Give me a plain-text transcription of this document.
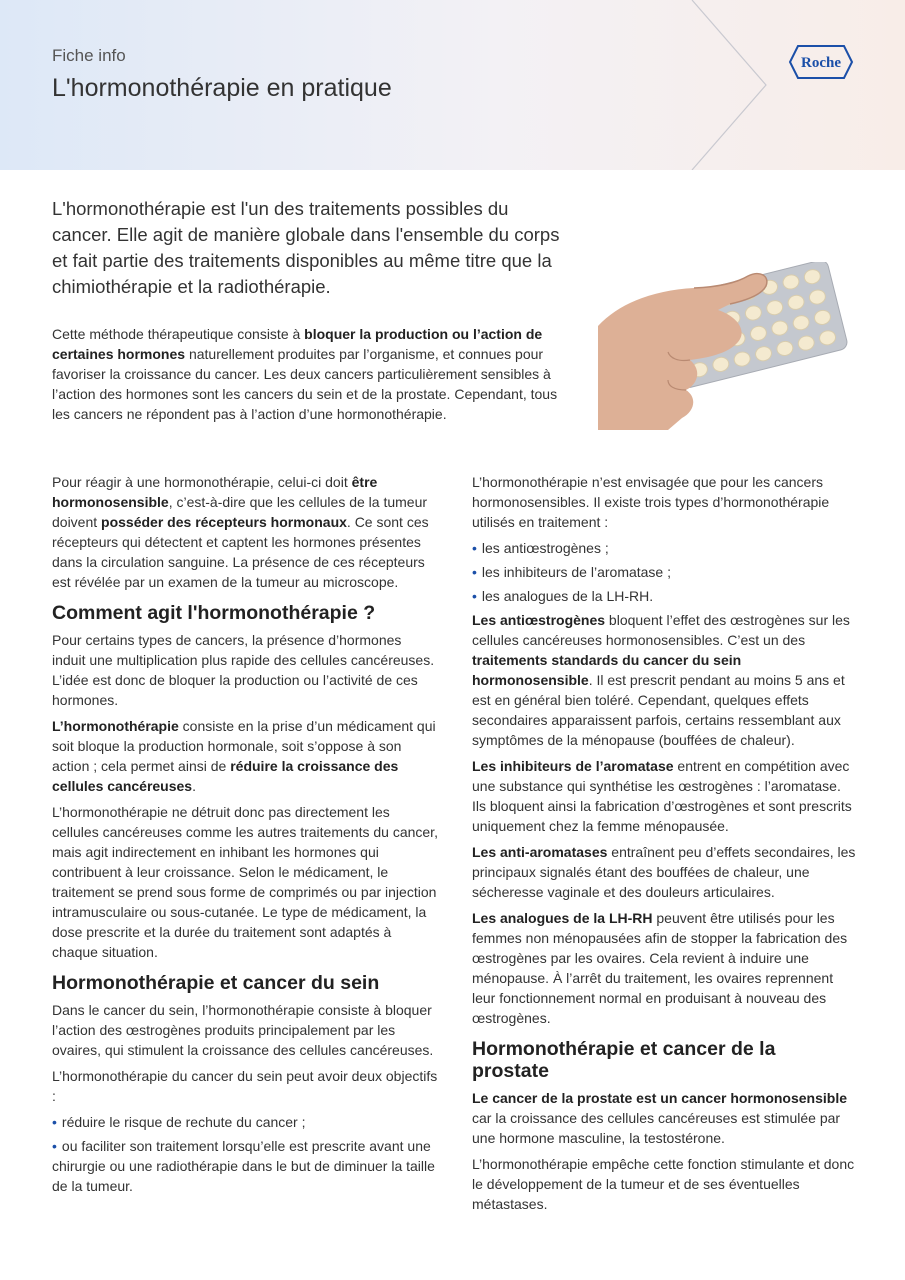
Fiche info
L'hormonothérapie en pratique
Roche

L'hormonothérapie est l'un des traitements possibles du cancer. Elle agit de manière globale dans l'ensemble du corps et fait partie des traitements disponibles au même titre que la chimiothérapie et la radiothérapie.

Cette méthode thérapeutique consiste à bloquer la production ou l’action de certaines hormones naturellement produites par l’organisme, et connues pour favoriser la croissance du cancer. Les deux cancers particulièrement sensibles à l’action des hormones sont les cancers du sein et de la prostate. Cependant, tous les cancers ne répondent pas à l’action d’une hormonothérapie.

Pour réagir à une hormonothérapie, celui-ci doit être hormonosensible, c’est-à-dire que les cellules de la tumeur doivent posséder des récepteurs hormonaux. Ce sont ces récepteurs qui détectent et captent les hormones présentes dans la circulation sanguine. La présence de ces récepteurs est révélée par un examen de la tumeur au microscope.

Comment agit l'hormonothérapie ?

Pour certains types de cancers, la présence d’hormones induit une multiplication plus rapide des cellules cancéreuses. L’idée est donc de bloquer la production ou l’activité de ces hormones.

L’hormonothérapie consiste en la prise d’un médicament qui soit bloque la production hormonale, soit s’oppose à son action ; cela permet ainsi de réduire la croissance des cellules cancéreuses.

L’hormonothérapie ne détruit donc pas directement les cellules cancéreuses comme les autres traitements du cancer, mais agit indirectement en inhibant les hormones qui contribuent à leur croissance. Selon le médicament, le traitement se prend sous forme de comprimés ou par injection intramusculaire ou sous-cutanée. Le type de médicament, la dose prescrite et la durée du traitement sont adaptés à chaque situation.

Hormonothérapie et cancer du sein

Dans le cancer du sein, l’hormonothérapie consiste à bloquer l’action des œstrogènes produits principalement par les ovaires, qui stimulent la croissance des cellules cancéreuses.

L’hormonothérapie du cancer du sein peut avoir deux objectifs :

• réduire le risque de rechute du cancer ;
• ou faciliter son traitement lorsqu’elle est prescrite avant une chirurgie ou une radiothérapie dans le but de diminuer la taille de la tumeur.

L’hormonothérapie n’est envisagée que pour les cancers hormonosensibles. Il existe trois types d’hormonothérapie utilisés en traitement :

• les antiœstrogènes ;
• les inhibiteurs de l’aromatase ;
• les analogues de la LH-RH.

Les antiœstrogènes bloquent l’effet des œstrogènes sur les cellules cancéreuses hormonosensibles. C’est un des traitements standards du cancer du sein hormonosensible. Il est prescrit pendant au moins 5 ans et est en général bien toléré. Cependant, quelques effets secondaires apparaissent parfois, certains ressemblant aux symptômes de la ménopause (bouffées de chaleur).

Les inhibiteurs de l’aromatase entrent en compétition avec une substance qui synthétise les œstrogènes : l’aromatase. Ils bloquent ainsi la fabrication d’œstrogènes et sont prescrits uniquement chez la femme ménopausée.

Les anti-aromatases entraînent peu d’effets secondaires, les principaux signalés étant des bouffées de chaleur, une sécheresse vaginale et des douleurs articulaires.

Les analogues de la LH-RH peuvent être utilisés pour les femmes non ménopausées afin de stopper la fabrication des œstrogènes par les ovaires. Cela revient à induire une ménopause. À l’arrêt du traitement, les ovaires reprennent leur fonctionnement normal en produisant à nouveau des œstrogènes.

Hormonothérapie et cancer de la prostate

Le cancer de la prostate est un cancer hormonosensible car la croissance des cellules cancéreuses est stimulée par une hormone masculine, la testostérone.

L’hormonothérapie empêche cette fonction stimulante et donc le développement de la tumeur et de ses éventuelles métastases.
